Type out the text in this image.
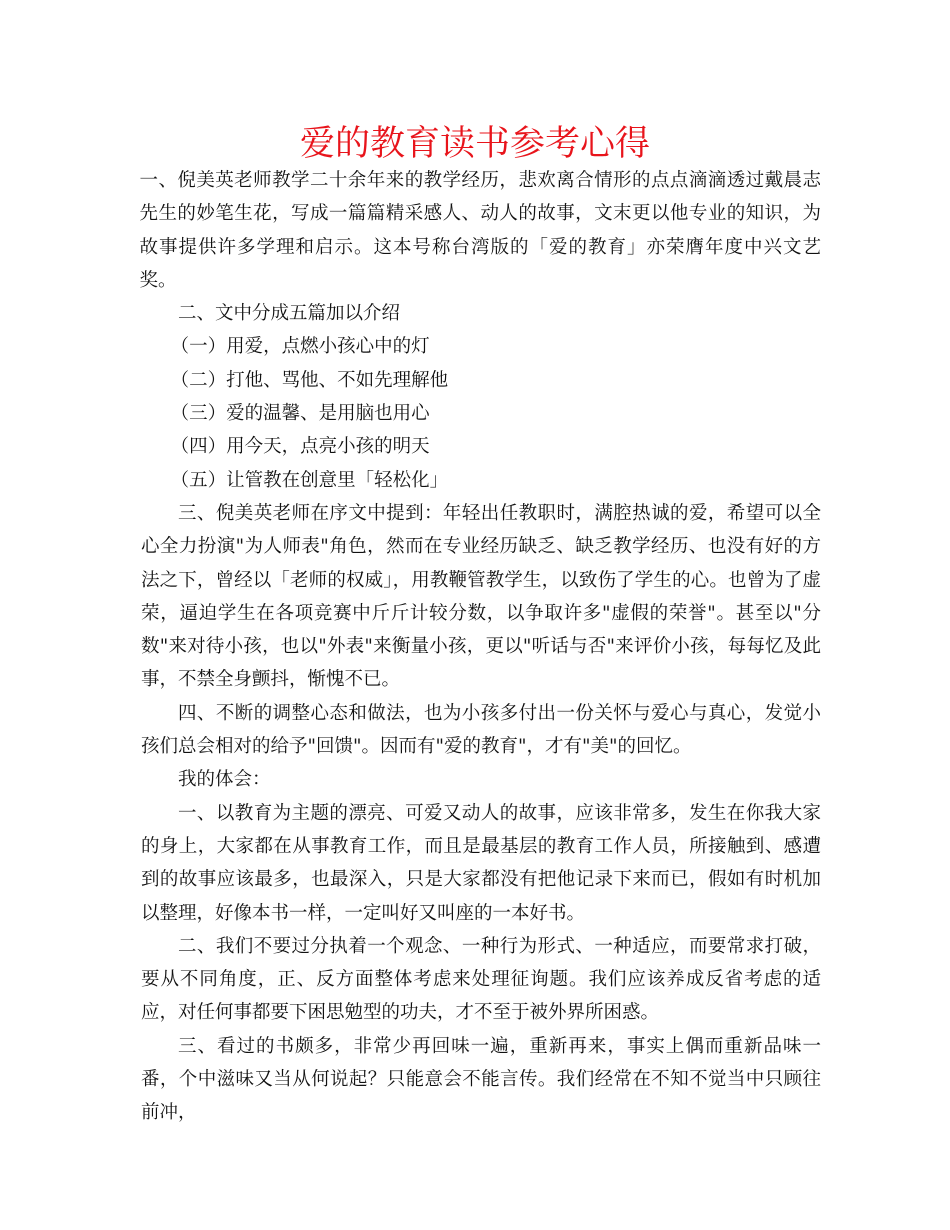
爱的教育读书参考心得

一、倪美英老师教学二十余年来的教学经历，悲欢离合情形的点点滴滴透过戴晨志先生的妙笔生花，写成一篇篇精采感人、动人的故事，文末更以他专业的知识，为故事提供许多学理和启示。这本号称台湾版的「爱的教育」亦荣膺年度中兴文艺奖。

二、文中分成五篇加以介绍

（一）用爱，点燃小孩心中的灯

（二）打他、骂他、不如先理解他

（三）爱的温馨、是用脑也用心

（四）用今天，点亮小孩的明天

（五）让管教在创意里「轻松化」

三、倪美英老师在序文中提到：年轻出任教职时，满腔热诚的爱，希望可以全心全力扮演"为人师表"角色，然而在专业经历缺乏、缺乏教学经历、也没有好的方法之下，曾经以「老师的权威」，用教鞭管教学生，以致伤了学生的心。也曾为了虚荣，逼迫学生在各项竞赛中斤斤计较分数，以争取许多"虚假的荣誉"。甚至以"分数"来对待小孩，也以"外表"来衡量小孩，更以"听话与否"来评价小孩，每每忆及此事，不禁全身颤抖，惭愧不已。

四、不断的调整心态和做法，也为小孩多付出一份关怀与爱心与真心，发觉小孩们总会相对的给予"回馈"。因而有"爱的教育"，才有"美"的回忆。

我的体会：

一、以教育为主题的漂亮、可爱又动人的故事，应该非常多，发生在你我大家的身上，大家都在从事教育工作，而且是最基层的教育工作人员，所接触到、感遭到的故事应该最多，也最深入，只是大家都没有把他记录下来而已，假如有时机加以整理，好像本书一样，一定叫好又叫座的一本好书。

二、我们不要过分执着一个观念、一种行为形式、一种适应，而要常求打破，要从不同角度，正、反方面整体考虑来处理征询题。我们应该养成反省考虑的适应，对任何事都要下困思勉型的功夫，才不至于被外界所困惑。

三、看过的书颇多，非常少再回味一遍，重新再来，事实上偶而重新品味一番，个中滋味又当从何说起？只能意会不能言传。我们经常在不知不觉当中只顾往前冲，
